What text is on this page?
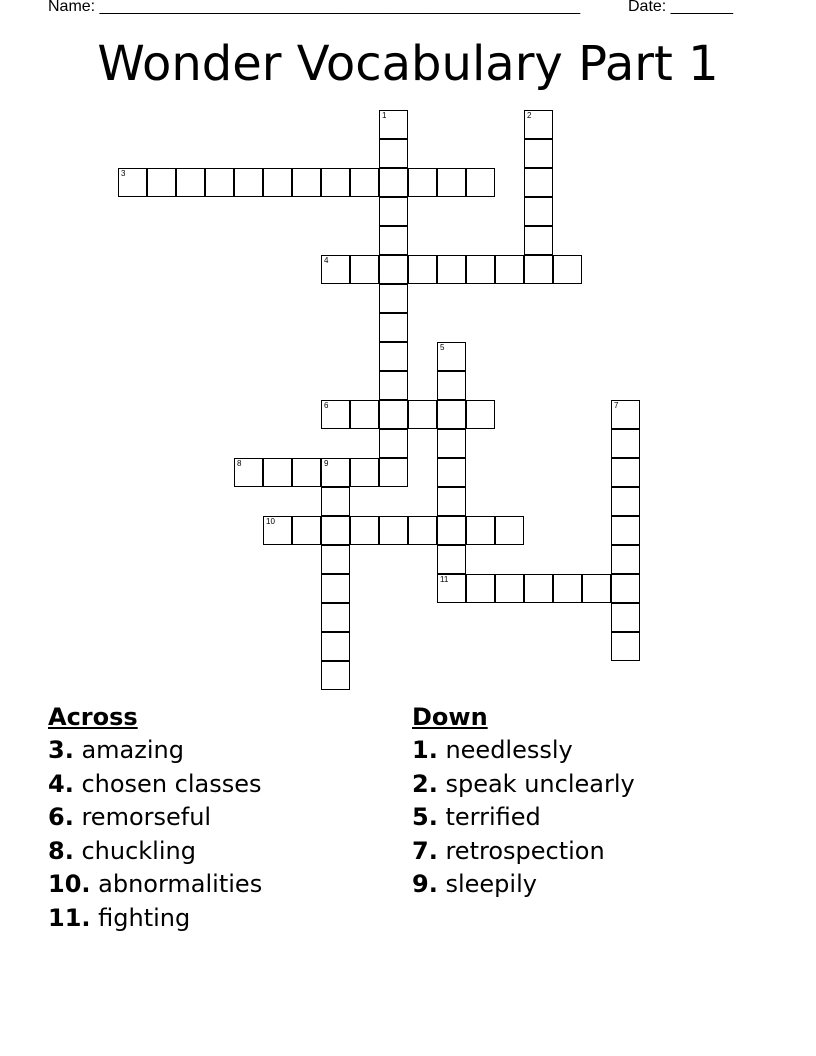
Name: ______________________________________________________	Date: _______
Wonder Vocabulary Part 1
1	2
3
4
5
11
6	7
8	9
10
Across
3. amazing
4. chosen classes
6. remorseful
8. chuckling
10. abnormalities
11. fighting
Down
1. needlessly
2. speak unclearly
5. terrified
7. retrospection
9. sleepily
